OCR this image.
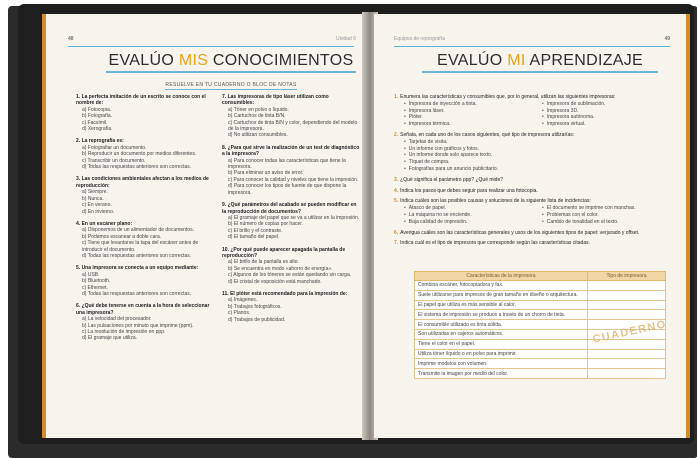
48	Unidad 6
EVALÚO MIS CONOCIMIENTOS
RESUELVE EN TU CUADERNO O BLOC DE NOTAS
1. La perfecta imitación de un escrito se conoce con el nombre de:
a) Fotocopia.
b) Fotografía.
c) Facsímil.
d) Xerografía.
2. La reprografía es:
a) Fotografiar un documento.
b) Reproducir un documento por medios diferentes.
c) Transcribir un documento.
d) Todas las respuestas anteriores son correctas.
3. Las condiciones ambientales afectan a los medios de reproducción:
a) Siempre.
b) Nunca.
c) En verano.
d) En invierno.
4. En un escáner plano:
a) Disponemos de un alimentador de documentos.
b) Podemos escanear a doble cara.
c) Tiene que levantarse la tapa del escáner antes de introducir el documento.
d) Todas las respuestas anteriores son correctas.
5. Una impresora se conecta a un equipo mediante:
a) USB.
b) Bluetooth.
c) Ethernet.
d) Todas las respuestas anteriores son correctas.
6. ¿Qué debe tenerse en cuenta a la hora de seleccionar una impresora?
a) La velocidad del procesador.
b) Las pulsaciones por minuto que imprime (ppm).
c) La resolución de impresión en ppp.
d) El gramaje que utiliza.
7. Las impresoras de tipo láser utilizan como consumibles:
a) Tóner en polvo o líquido.
b) Cartuchos de tinta B/N.
c) Cartuchos de tinta B/N y color, dependiendo del modelo de la impresora.
d) No utilizan consumibles.
8. ¿Para qué sirve la realización de un test de diagnóstico a la impresora?
a) Para conocer todas las características que tiene la impresora.
b) Para eliminar un aviso de error.
c) Para conocer la calidad y niveles que tiene la impresión.
d) Para conocer los tipos de fuente de que dispone la impresora.
9. ¿Qué parámetros del acabado se pueden modificar en la reproducción de documentos?
a) El gramaje del papel que se va a utilizar en la impresión.
b) El número de copias por hacer.
c) El brillo y el contraste.
d) El tamaño del papel.
10. ¿Por qué puede aparecer apagada la pantalla de reproducción?
a) El brillo de la pantalla es alto.
b) Se encuentra en modo «ahorro de energía».
c) Algunos de los tóneres se están quedando sin carga.
d) El cristal de exposición está manchado.
11. El plóter está recomendado para la impresión de:
a) Imágenes.
b) Trabajos fotográficos.
c) Planos.
d) Trabajos de publicidad.
Equipos de reprografía	49
EVALÚO MI APRENDIZAJE
1. Enumera las características y consumibles que, por lo general, utilizan las siguientes impresoras:
• Impresora de inyección a tinta.	• Impresora de sublimación.
• Impresora láser.	• Impresora 3D.
• Plóter.	• Impresora autónoma.
• Impresora térmica.	• Impresora virtual.
2. Señala, en cada uno de los casos siguientes, qué tipo de impresora utilizarías:
• Tarjetas de visita.
• Un informe con gráficos y fotos.
• Un informe donde solo aparece texto.
• Tíquet de compra.
• Fotografías para un anuncio publicitario.
3. ¿Qué significa el parámetro ppp? ¿Qué mide?
4. Indica los pasos que debes seguir para realizar una fotocopia.
5. Indica cuáles son las posibles causas y soluciones de la siguiente lista de incidencias:
• Atasco de papel.	• El documento se imprime con manchas.
• La máquina no se enciende.	• Problemas con el color.
• Baja calidad de impresión.	• Cambio de tonalidad en el texto.
6. Averigua cuáles son las características generales y usos de los siguientes tipos de papel: verjurado y offset.
7. Indica cuál es el tipo de impresora que corresponde según las características citadas.
Características de la impresora	Tipo de impresora
Combina escáner, fotocopiadora y fax.	
Suele utilizarse para impresos de gran tamaño en diseño o arquitectura.	
El papel que utiliza es más sensible al calor.	
El sistema de impresión se produce a través de un chorro de tinta.	
El consumible utilizado es tinta sólida.	
Son utilizadas en cajeros automáticos.	
Tiene el color en el papel.	
Utiliza tóner líquido o en polvo para imprimir.	
Imprime modelos con volumen.	
Transmite la imagen por medio del color.	
CUADERNO
